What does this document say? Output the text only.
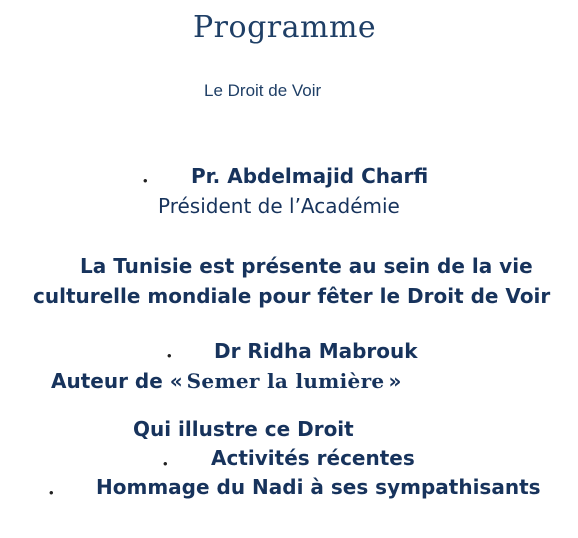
Programme
Le Droit de Voir
• Pr. Abdelmajid Charfi
Président de l’Académie
La Tunisie est présente au sein de la vie
culturelle mondiale pour fêter le Droit de Voir
• Dr Ridha Mabrouk
Auteur de « Semer la lumière »
Qui illustre ce Droit
• Activités récentes
• Hommage du Nadi à ses sympathisants
